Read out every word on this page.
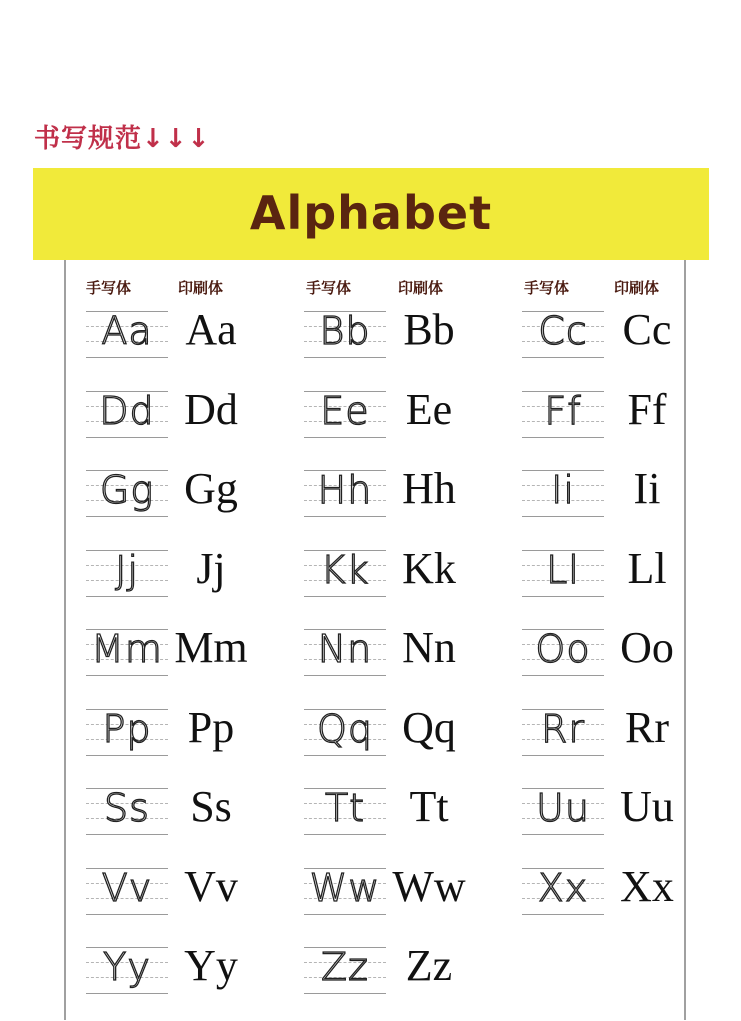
书写规范↓↓↓
Alphabet
手写体	印刷体	手写体	印刷体	手写体	印刷体
Aa Aa	Bb Bb	Cc Cc
Dd Dd	Ee Ee	Ff	Ff
Gg Gg	Hh Hh	Ii	Ii
Jj	Jj	Kk Kk	Ll	Ll
Mm Mm	Nn Nn	Oo Oo
Pp Pp	Qq Qq	Rr Rr
Ss Ss	Tt	Tt	Uu Uu
Vv Vv	Ww Ww	Xx Xx
Yy Yy	Zz Zz
